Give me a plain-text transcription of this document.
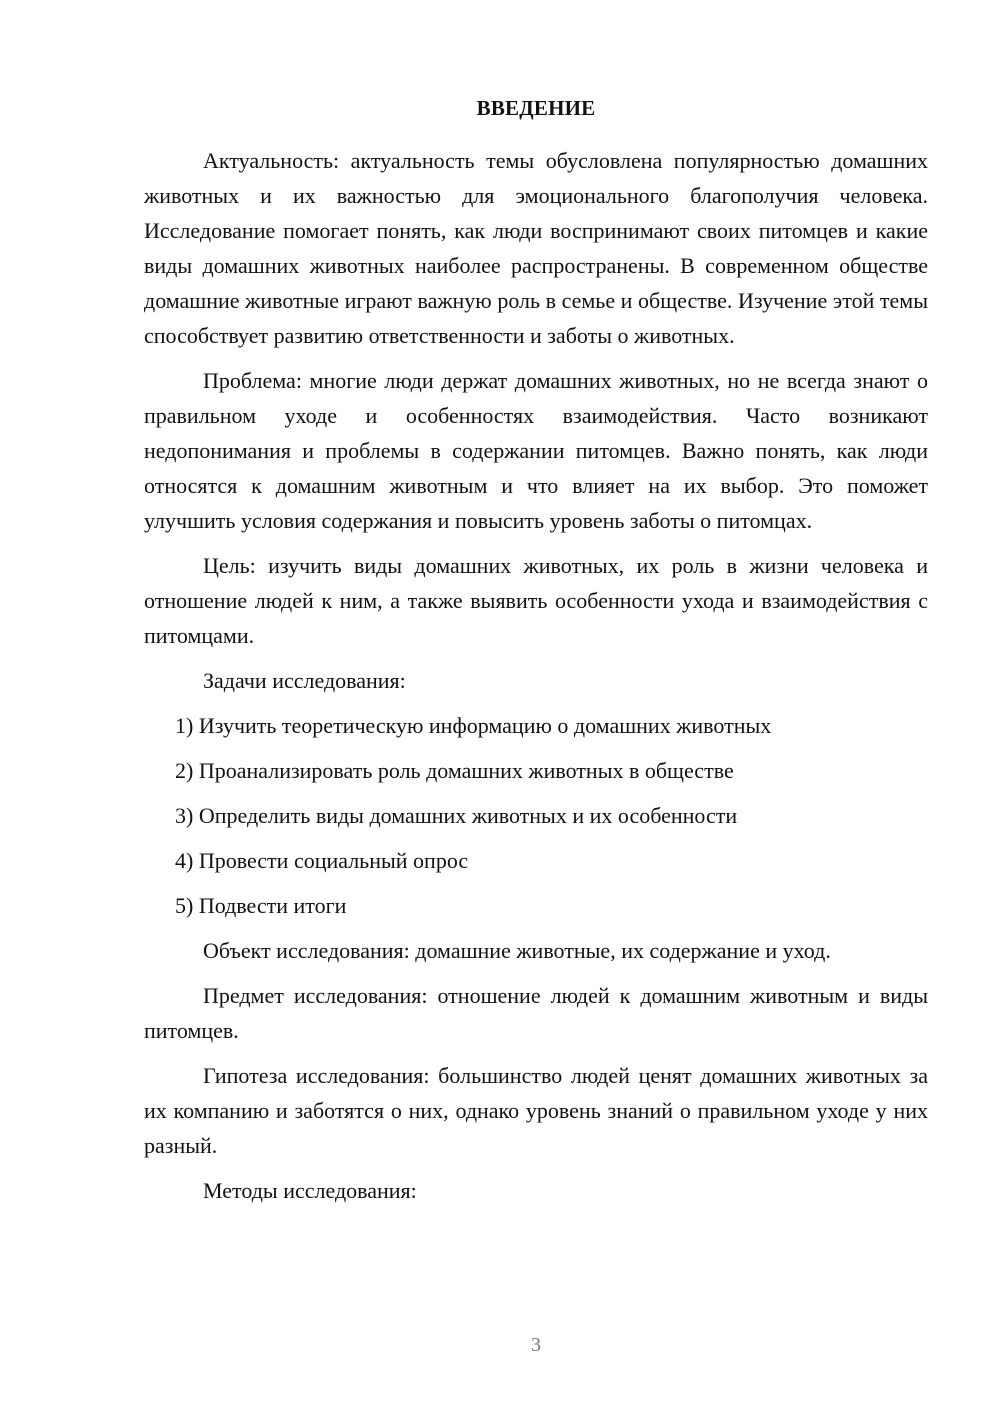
ВВЕДЕНИЕ

Актуальность: актуальность темы обусловлена популярностью домашних животных и их важностью для эмоционального благополучия человека. Исследование помогает понять, как люди воспринимают своих питомцев и какие виды домашних животных наиболее распространены. В современном обществе домашние животные играют важную роль в семье и обществе. Изучение этой темы способствует развитию ответственности и заботы о животных.

Проблема: многие люди держат домашних животных, но не всегда знают о правильном уходе и особенностях взаимодействия. Часто возникают недопонимания и проблемы в содержании питомцев. Важно понять, как люди относятся к домашним животным и что влияет на их выбор. Это поможет улучшить условия содержания и повысить уровень заботы о питомцах.

Цель: изучить виды домашних животных, их роль в жизни человека и отношение людей к ним, а также выявить особенности ухода и взаимодействия с питомцами.

Задачи исследования:

1) Изучить теоретическую информацию о домашних животных
2) Проанализировать роль домашних животных в обществе
3) Определить виды домашних животных и их особенности
4) Провести социальный опрос
5) Подвести итоги

Объект исследования: домашние животные, их содержание и уход.

Предмет исследования: отношение людей к домашним животным и виды питомцев.

Гипотеза исследования: большинство людей ценят домашних животных за их компанию и заботятся о них, однако уровень знаний о правильном уходе у них разный.

Методы исследования:

3
